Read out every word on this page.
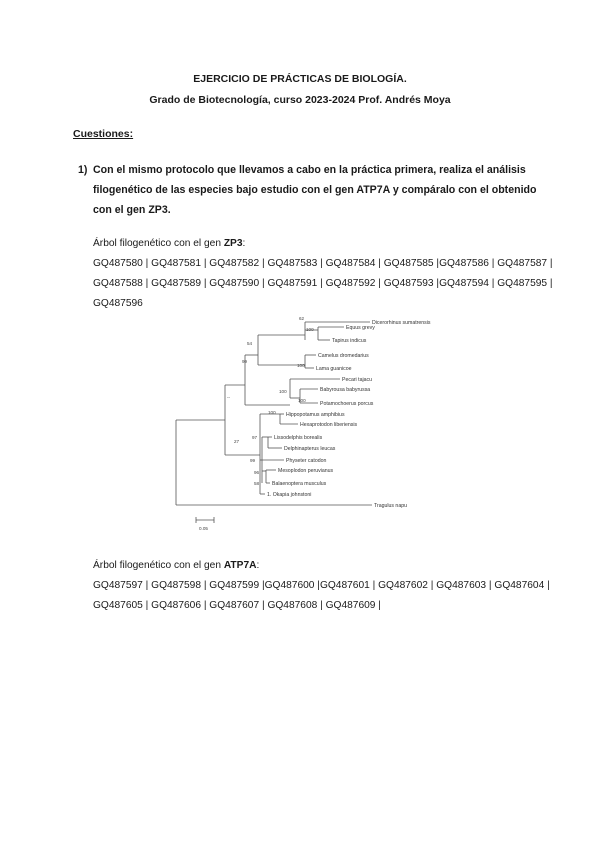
EJERCICIO DE PRÁCTICAS DE BIOLOGÍA.
Grado de Biotecnología, curso 2023-2024 Prof. Andrés Moya
Cuestiones:
1) Con el mismo protocolo que llevamos a cabo en la práctica primera, realiza el análisis
filogenético de las especies bajo estudio con el gen ATP7A y compáralo con el obtenido
con el gen ZP3.
Árbol filogenético con el gen ZP3:
GQ487580 | GQ487581 | GQ487582 | GQ487583 | GQ487584 | GQ487585 |GQ487586 | GQ487587 |
GQ487588 | GQ487589 | GQ487590 | GQ487591 | GQ487592 | GQ487593 |GQ487594 | GQ487595 |
GQ487596
Dicerorhinus sumatrensis
Equus grevy
Tapirus indicus
Camelus dromedarius
Lama guanicoe
Pecari tajacu
Babyrousa babyrussa
Potamochoerus porcus
Hippopotamus amphibius
Hexaprotodon liberiensis
Lissodelphis borealis
Delphinapterus leucas
Physeter catodon
Mesoplodon peruvianus
Balaenoptera musculus
1. Okapia johnstoni
Tragulus napu
62
100
54
100
99
100
100
--
100
27
97
99
96
58
0.05
Árbol filogenético con el gen ATP7A:
GQ487597 | GQ487598 | GQ487599 |GQ487600 |GQ487601 | GQ487602 | GQ487603 | GQ487604 |
GQ487605 | GQ487606 | GQ487607 | GQ487608 | GQ487609 |
